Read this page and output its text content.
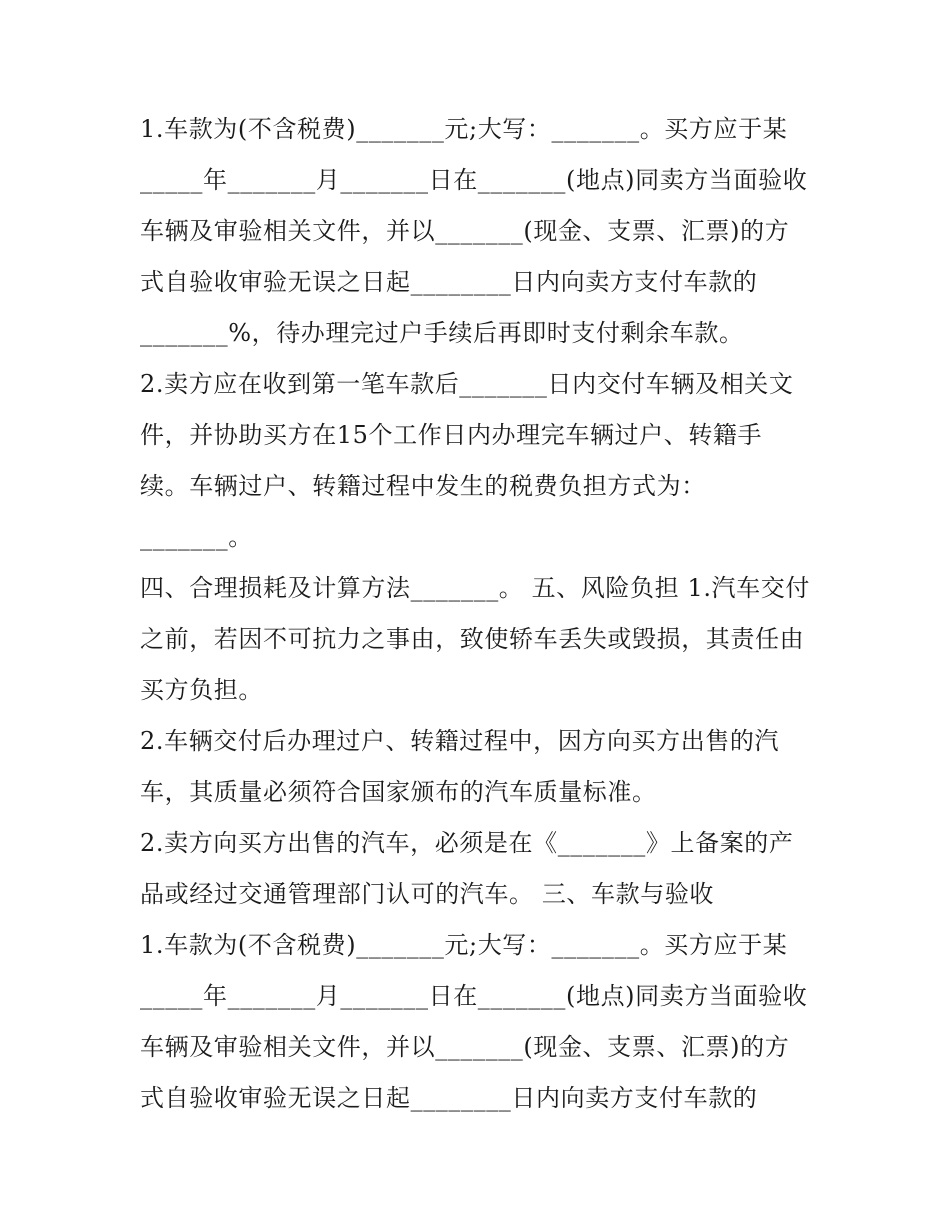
1.车款为(不含税费)_______元;大写：_______。买方应于某
_____年_______月_______日在_______(地点)同卖方当面验收
车辆及审验相关文件，并以_______(现金、支票、汇票)的方
式自验收审验无误之日起________日内向卖方支付车款的
_______%，待办理完过户手续后再即时支付剩余车款。
2.卖方应在收到第一笔车款后_______日内交付车辆及相关文
件，并协助买方在15个工作日内办理完车辆过户、转籍手
续。车辆过户、转籍过程中发生的税费负担方式为：
_______。
四、合理损耗及计算方法_______。 五、风险负担 1.汽车交付
之前，若因不可抗力之事由，致使轿车丢失或毁损，其责任由
买方负担。
2.车辆交付后办理过户、转籍过程中，因方向买方出售的汽
车，其质量必须符合国家颁布的汽车质量标准。
2.卖方向买方出售的汽车，必须是在《_______》上备案的产
品或经过交通管理部门认可的汽车。 三、车款与验收
1.车款为(不含税费)_______元;大写：_______。买方应于某
_____年_______月_______日在_______(地点)同卖方当面验收
车辆及审验相关文件，并以_______(现金、支票、汇票)的方
式自验收审验无误之日起________日内向卖方支付车款的
